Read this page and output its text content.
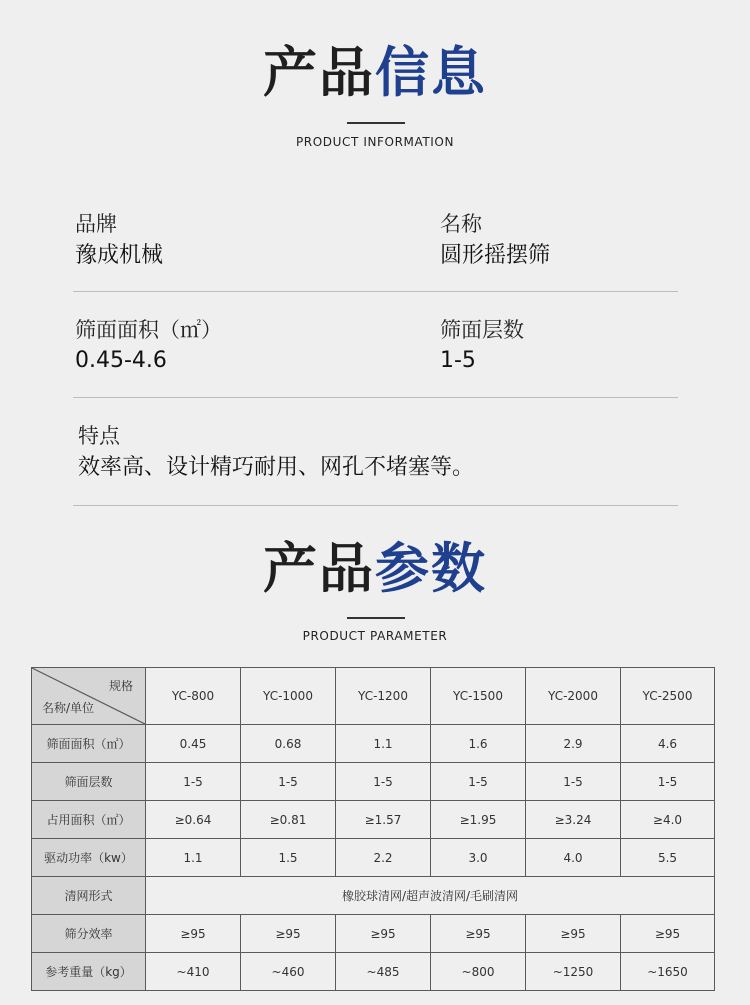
产品信息
PRODUCT INFORMATION
品牌
豫成机械
名称
圆形摇摆筛
筛面面积（㎡）
0.45-4.6
筛面层数
1-5
特点
效率高、设计精巧耐用、网孔不堵塞等。
产品参数
PRODUCT PARAMETER
规格
名称/单位	YC-800	YC-1000	YC-1200	YC-1500	YC-2000	YC-2500
筛面面积（㎡）	0.45	0.68	1.1	1.6	2.9	4.6
筛面层数	1-5	1-5	1-5	1-5	1-5	1-5
占用面积（㎡）	≥0.64	≥0.81	≥1.57	≥1.95	≥3.24	≥4.0
驱动功率（kw）	1.1	1.5	2.2	3.0	4.0	5.5
清网形式	橡胶球清网/超声波清网/毛刷清网					
筛分效率	≥95	≥95	≥95	≥95	≥95	≥95
参考重量（kg）	~410	~460	~485	~800	~1250	~1650
